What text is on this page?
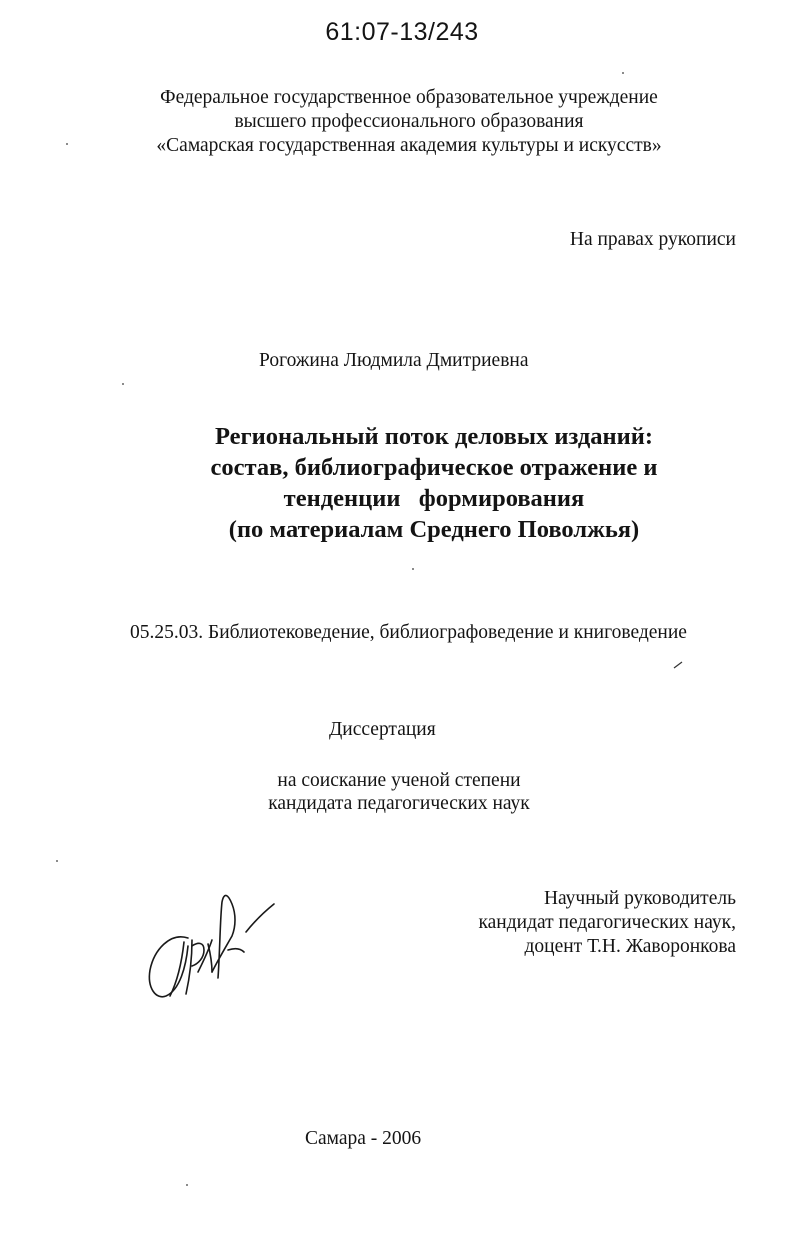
61:07-13/243
Федеральное государственное образовательное учреждение
высшего профессионального образования
«Самарская государственная академия культуры и искусств»
На правах рукописи
Рогожина Людмила Дмитриевна
Региональный поток деловых изданий:
состав, библиографическое отражение и
тенденции   формирования
(по материалам Среднего Поволжья)
05.25.03. Библиотековедение, библиографоведение и книговедение
Диссертация
на соискание ученой степени
кандидата педагогических наук
Научный руководитель
кандидат педагогических наук,
доцент Т.Н. Жаворонкова
Самара - 2006
